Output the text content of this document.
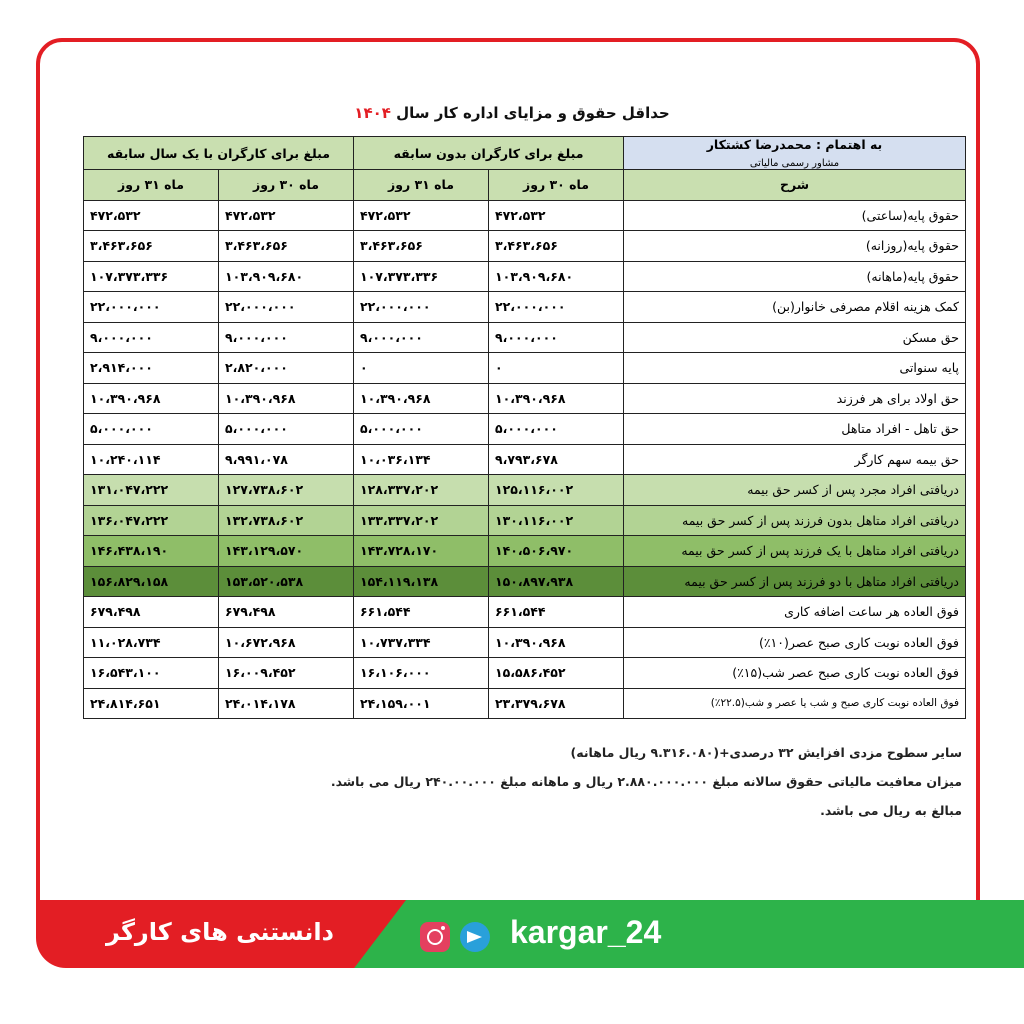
حداقل حقوق و مزایای اداره کار سال ۱۴۰۴
به اهتمام : محمدرضا کشتکار
مشاور رسمی مالیاتی	مبلغ برای کارگران بدون سابقه		مبلغ برای کارگران با یک سال سابقه	
شرح	ماه ۳۰ روز	ماه ۳۱ روز	ماه ۳۰ روز	ماه ۳۱ روز
حقوق پایه(ساعتی)	۴۷۲،۵۳۲	۴۷۲،۵۳۲	۴۷۲،۵۳۲	۴۷۲،۵۳۲
حقوق پایه(روزانه)	۳،۴۶۳،۶۵۶	۳،۴۶۳،۶۵۶	۳،۴۶۳،۶۵۶	۳،۴۶۳،۶۵۶
حقوق پایه(ماهانه)	۱۰۳،۹۰۹،۶۸۰	۱۰۷،۳۷۳،۳۳۶	۱۰۳،۹۰۹،۶۸۰	۱۰۷،۳۷۳،۳۳۶
کمک هزینه اقلام مصرفی خانوار(بن)	۲۲،۰۰۰،۰۰۰	۲۲،۰۰۰،۰۰۰	۲۲،۰۰۰،۰۰۰	۲۲،۰۰۰،۰۰۰
حق مسکن	۹،۰۰۰،۰۰۰	۹،۰۰۰،۰۰۰	۹،۰۰۰،۰۰۰	۹،۰۰۰،۰۰۰
پایه سنواتی	۰	۰	۲،۸۲۰،۰۰۰	۲،۹۱۴،۰۰۰
حق اولاد برای هر فرزند	۱۰،۳۹۰،۹۶۸	۱۰،۳۹۰،۹۶۸	۱۰،۳۹۰،۹۶۸	۱۰،۳۹۰،۹۶۸
حق تاهل - افراد متاهل	۵،۰۰۰،۰۰۰	۵،۰۰۰،۰۰۰	۵،۰۰۰،۰۰۰	۵،۰۰۰،۰۰۰
حق بیمه سهم کارگر	۹،۷۹۳،۶۷۸	۱۰،۰۳۶،۱۳۴	۹،۹۹۱،۰۷۸	۱۰،۲۴۰،۱۱۴
دریافتی افراد مجرد پس از کسر حق بیمه	۱۲۵،۱۱۶،۰۰۲	۱۲۸،۳۳۷،۲۰۲	۱۲۷،۷۳۸،۶۰۲	۱۳۱،۰۴۷،۲۲۲
دریافتی افراد متاهل بدون فرزند پس از کسر حق بیمه	۱۳۰،۱۱۶،۰۰۲	۱۳۳،۳۳۷،۲۰۲	۱۳۲،۷۳۸،۶۰۲	۱۳۶،۰۴۷،۲۲۲
دریافتی افراد متاهل با یک فرزند پس از کسر حق بیمه	۱۴۰،۵۰۶،۹۷۰	۱۴۳،۷۲۸،۱۷۰	۱۴۳،۱۲۹،۵۷۰	۱۴۶،۴۳۸،۱۹۰
دریافتی افراد متاهل با دو فرزند پس از کسر حق بیمه	۱۵۰،۸۹۷،۹۳۸	۱۵۴،۱۱۹،۱۳۸	۱۵۳،۵۲۰،۵۳۸	۱۵۶،۸۲۹،۱۵۸
فوق العاده هر ساعت اضافه کاری	۶۶۱،۵۴۴	۶۶۱،۵۴۴	۶۷۹،۴۹۸	۶۷۹،۴۹۸
فوق العاده نوبت کاری صبح عصر(۱۰٪)	۱۰،۳۹۰،۹۶۸	۱۰،۷۳۷،۳۳۴	۱۰،۶۷۲،۹۶۸	۱۱،۰۲۸،۷۳۴
فوق العاده نوبت کاری صبح عصر شب(۱۵٪)	۱۵،۵۸۶،۴۵۲	۱۶،۱۰۶،۰۰۰	۱۶،۰۰۹،۴۵۲	۱۶،۵۴۳،۱۰۰
فوق العاده نوبت کاری صبح و شب یا عصر و شب(۲۲.۵٪)	۲۳،۳۷۹،۶۷۸	۲۴،۱۵۹،۰۰۱	۲۴،۰۱۴،۱۷۸	۲۴،۸۱۴،۶۵۱
سایر سطوح مزدی افزایش ۳۲ درصدی+(۹.۳۱۶.۰۸۰ ریال ماهانه)
میزان معافیت مالیاتی حقوق سالانه مبلغ ۲.۸۸۰.۰۰۰.۰۰۰ ریال و ماهانه مبلغ ۲۴۰.۰۰.۰۰۰ ریال می باشد.
مبالغ به ریال می باشد.
دانستنی های کارگر	kargar_24
